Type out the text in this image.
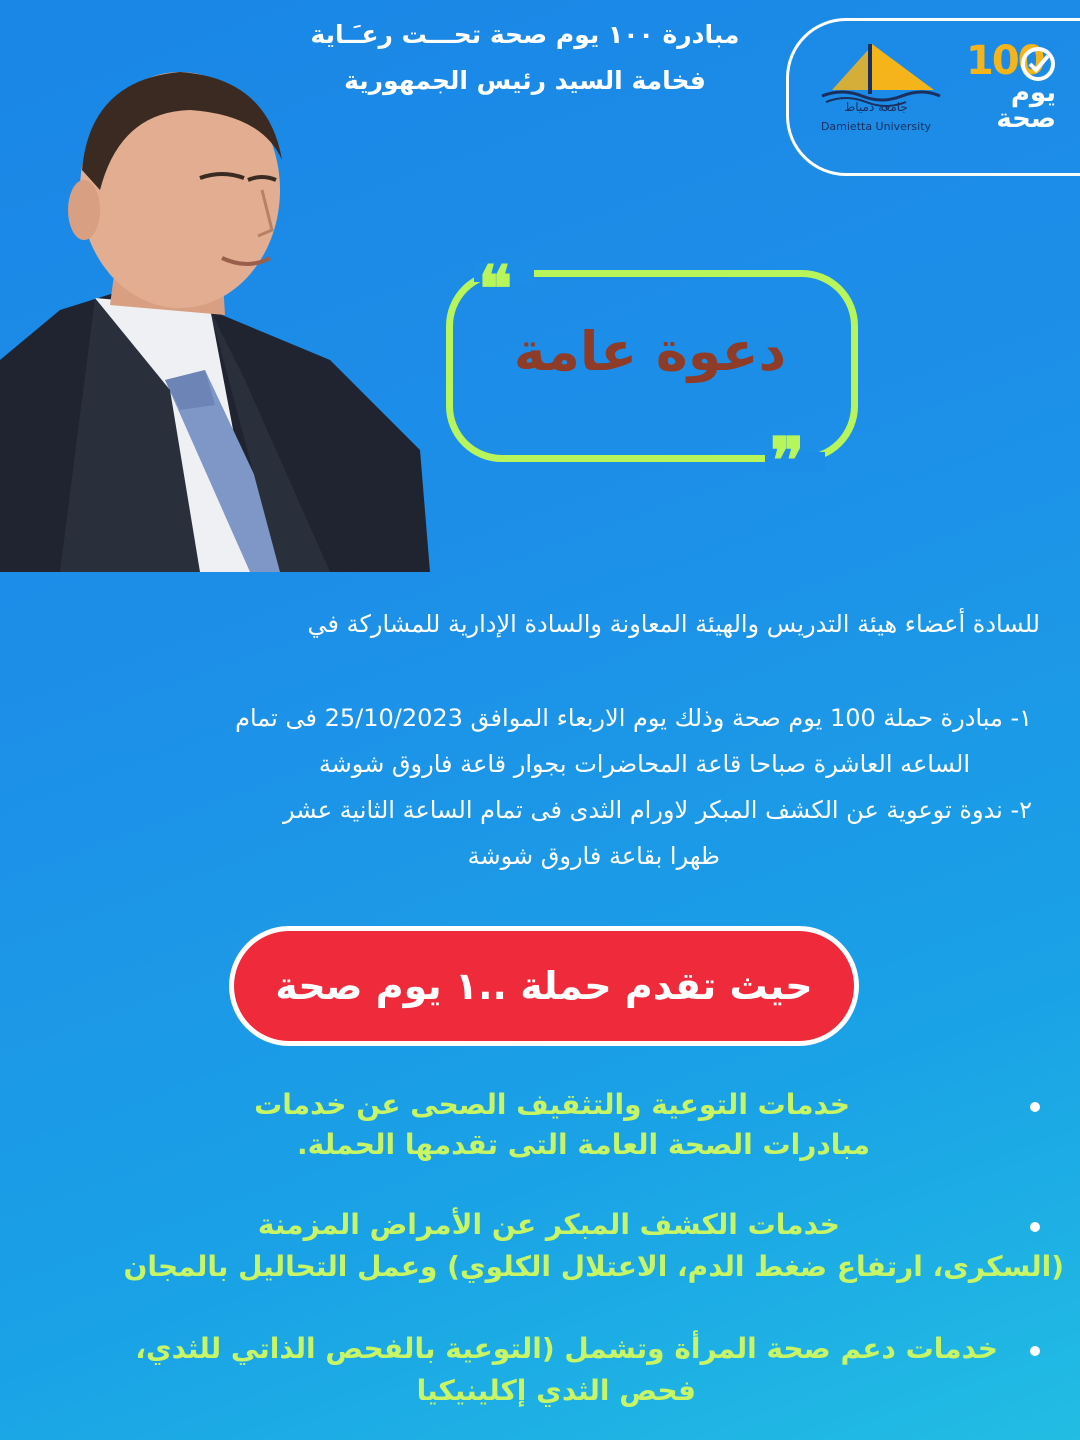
مبادرة ١٠٠ يوم صحة تحـــت رعـَـاية
فخامة السيد رئيس الجمهورية
جامعة دمياط
Damietta University
100
يوم
صحة
❝
❞
دعوة عامة
للسادة أعضاء هيئة التدريس والهيئة المعاونة والسادة الإدارية للمشاركة في
١- مبادرة حملة 100 يوم صحة وذلك يوم الاربعاء الموافق 25/10/2023 فى تمام
الساعه العاشرة صباحا قاعة المحاضرات بجوار قاعة فاروق شوشة
٢- ندوة توعوية عن الكشف المبكر لاورام الثدى فى تمام الساعة الثانية عشر
ظهرا بقاعة فاروق شوشة
حيث تقدم حملة ..١ يوم صحة
خدمات التوعية والتثقيف الصحى عن خدمات
مبادرات الصحة العامة التى تقدمها الحملة.
خدمات الكشف المبكر عن الأمراض المزمنة
(السكرى، ارتفاع ضغط الدم، الاعتلال الكلوي) وعمل التحاليل بالمجان
خدمات دعم صحة المرأة وتشمل (التوعية بالفحص الذاتي للثدي،
فحص الثدي إكلينيكيا
